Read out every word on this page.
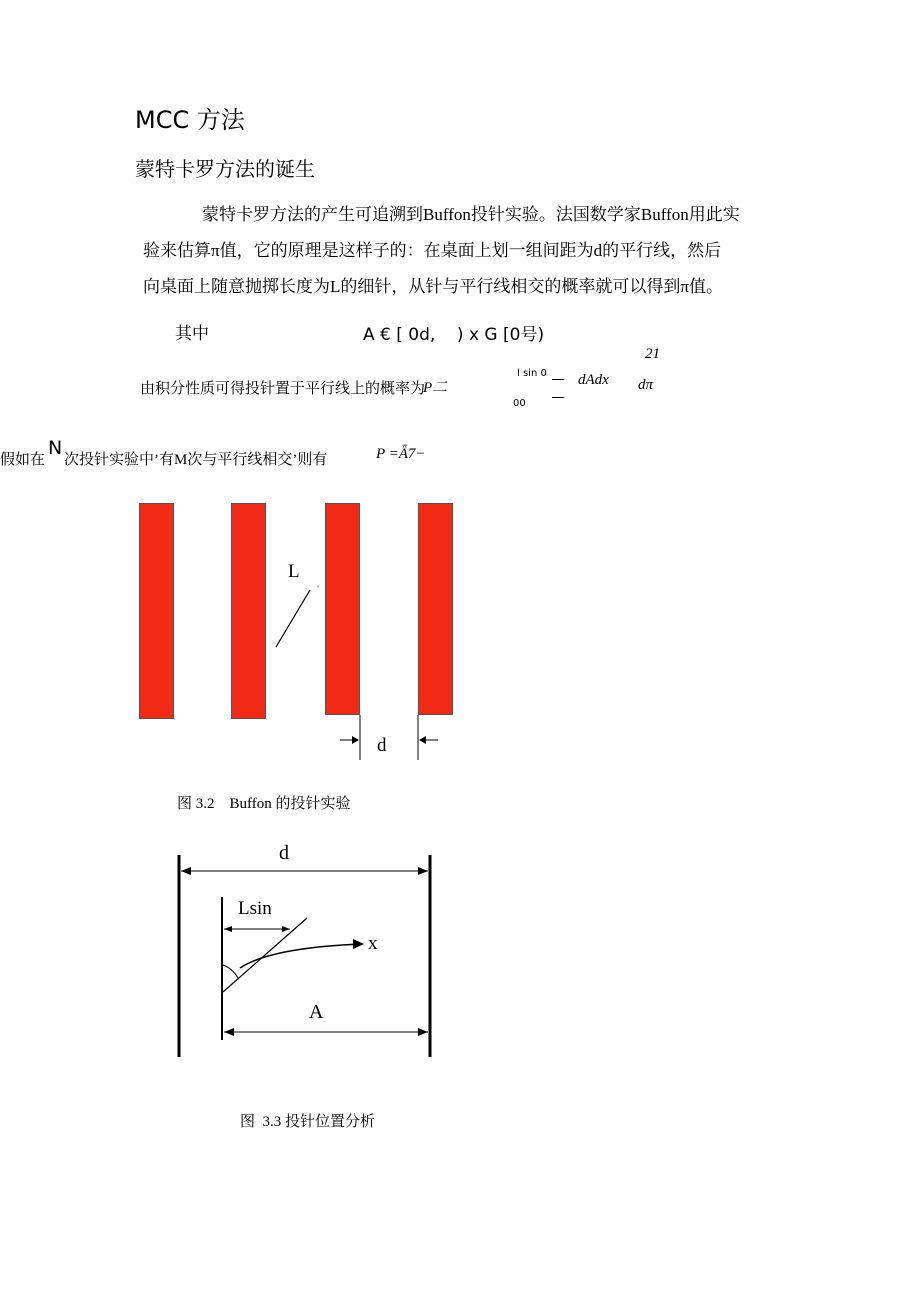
MCC 方法
蒙特卡罗方法的诞生
蒙特卡罗方法的产生可追溯到Buffon投针实验。法国数学家Buffon用此实
验来估算π值，它的原理是这样子的：在桌面上划一组间距为d的平行线，然后
向桌面上随意抛掷长度为L的细针，从针与平行线相交的概率就可以得到π值。
其中	A € [ 0d,    ) x G [0号)
由积分性质可得投针置于平行线上的概率为
P二
l sin 0
00
dAdx
21
dπ
假如在
N
次投针实验中’有M次与平行线相交’则有	P =Ǟ7−
L ˌ
d
图 3.2    Buffon 的投针实验
d
Lsin
x
A
图  3.3 投针位置分析
